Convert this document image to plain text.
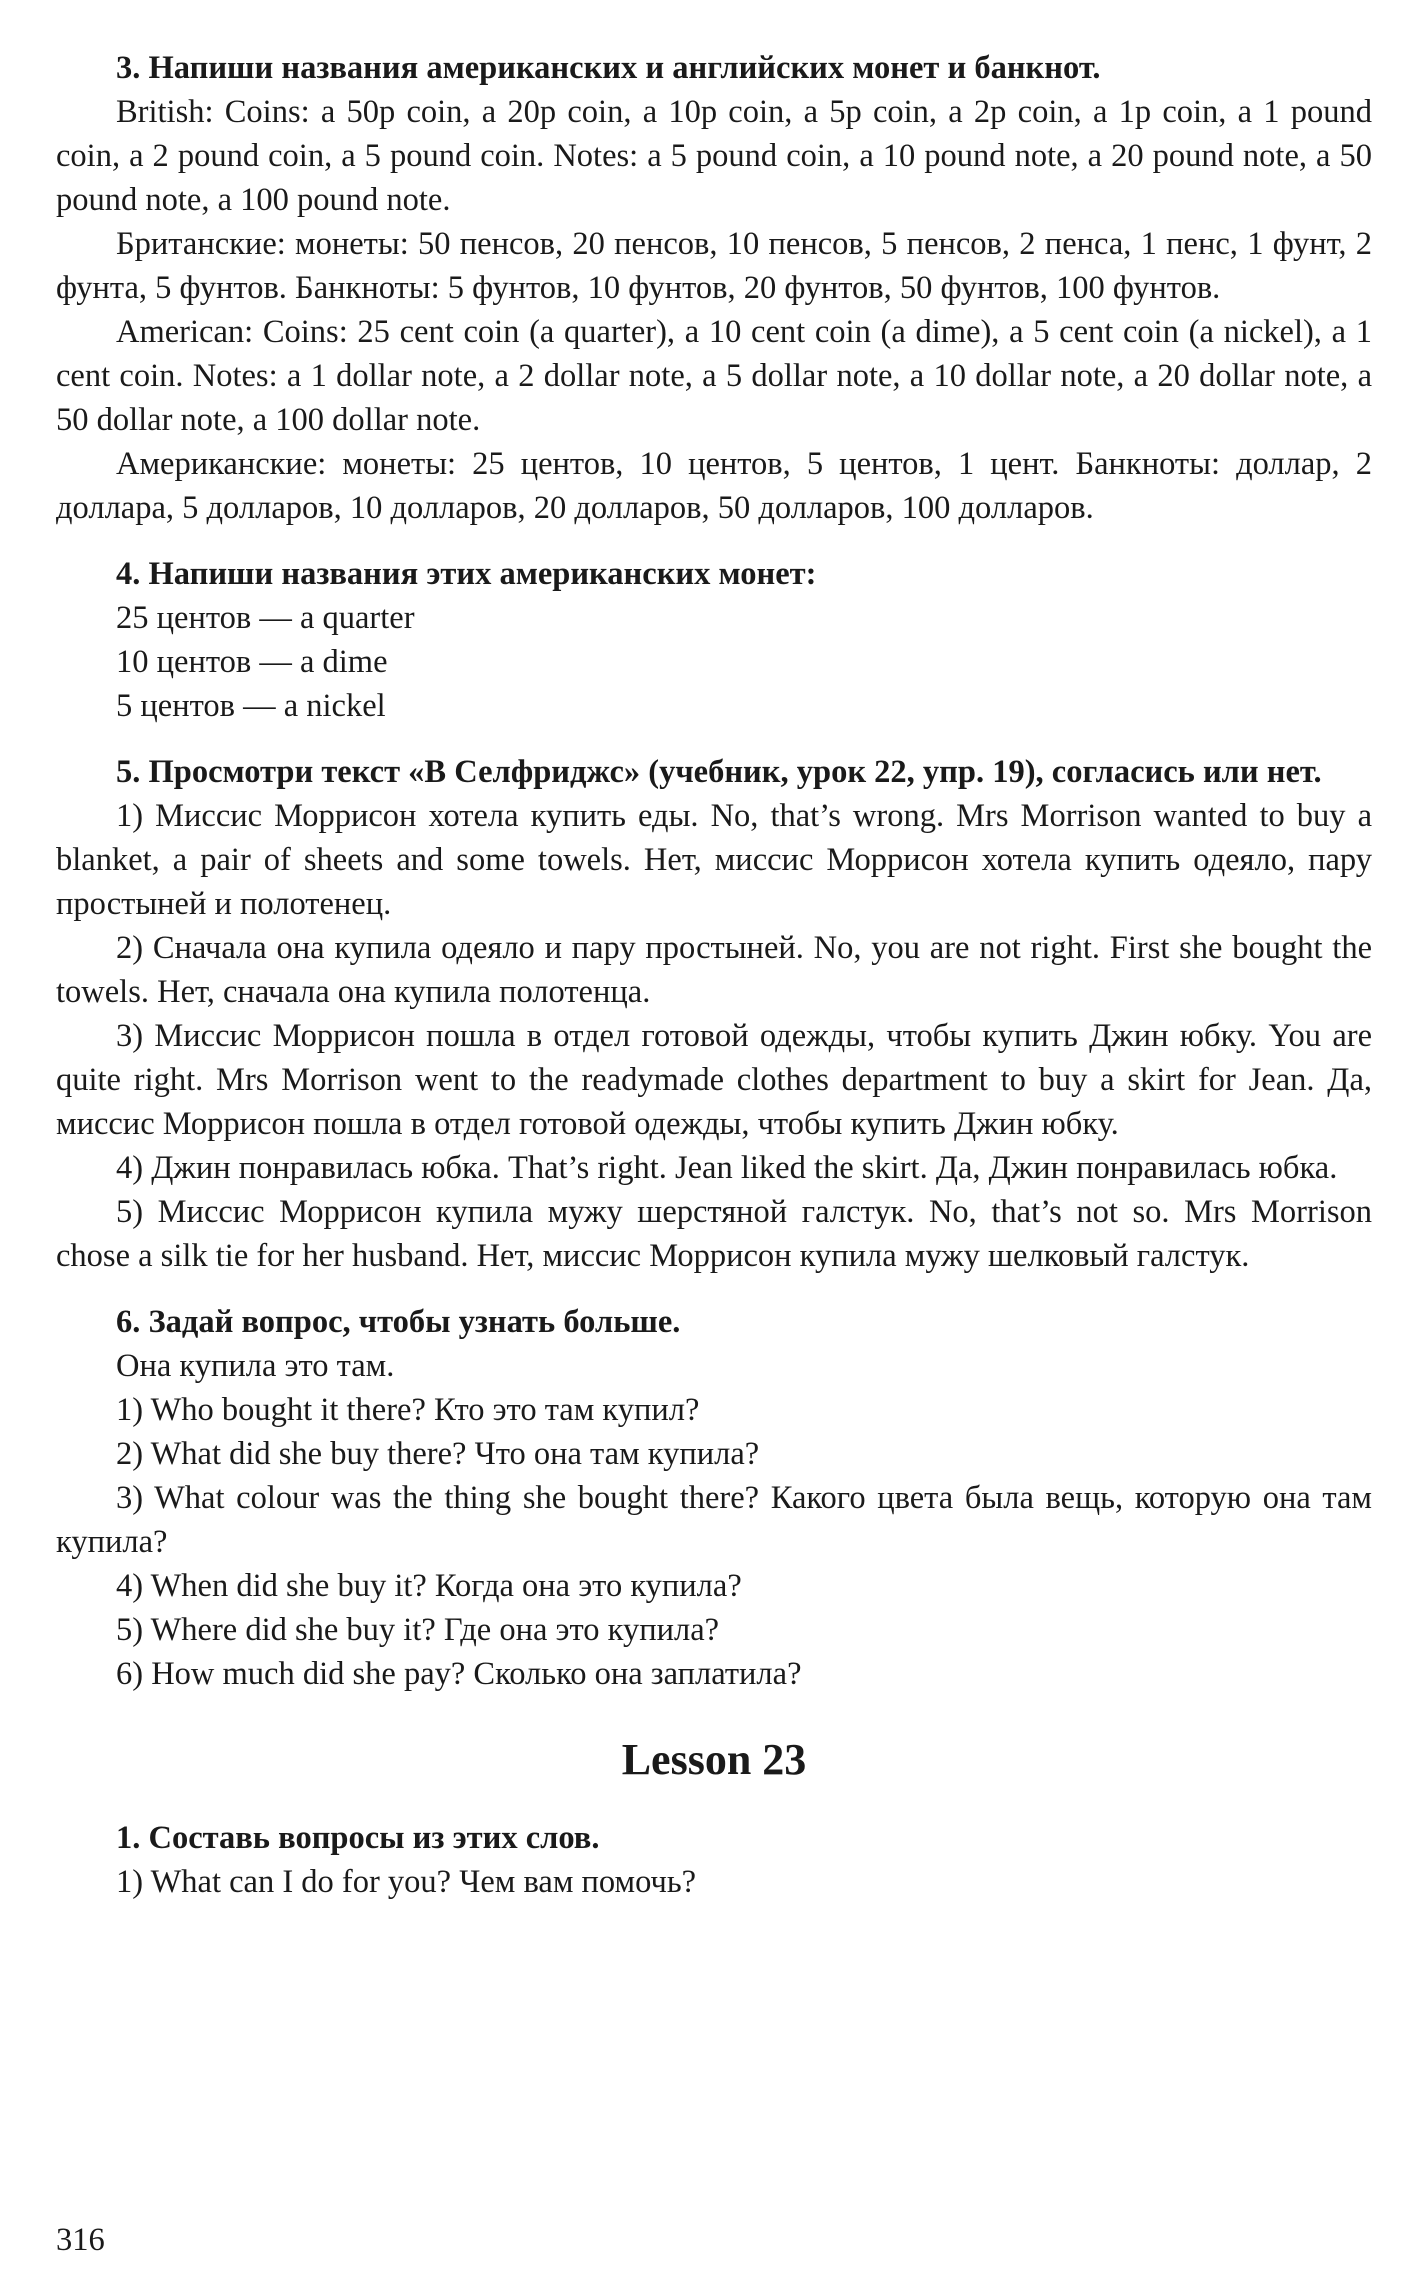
3. Напиши названия американских и английских монет и банкнот.

British: Coins: a 50p coin, a 20p coin, a 10p coin, a 5p coin, a 2p coin, a 1p coin, a 1 pound coin, a 2 pound coin, a 5 pound coin. Notes: a 5 pound coin, a 10 pound note, a 20 pound note, a 50 pound note, a 100 pound note.

Британские: монеты: 50 пенсов, 20 пенсов, 10 пенсов, 5 пенсов, 2 пенса, 1 пенс, 1 фунт, 2 фунта, 5 фунтов. Банкноты: 5 фунтов, 10 фунтов, 20 фунтов, 50 фунтов, 100 фунтов.

American: Coins: 25 cent coin (a quarter), a 10 cent coin (a dime), a 5 cent coin (a nickel), a 1 cent coin. Notes: a 1 dollar note, a 2 dollar note, a 5 dollar note, a 10 dollar note, a 20 dollar note, a 50 dollar note, a 100 dollar note.

Американские: монеты: 25 центов, 10 центов, 5 центов, 1 цент. Банкноты: доллар, 2 доллара, 5 долларов, 10 долларов, 20 долларов, 50 долларов, 100 долларов.

4. Напиши названия этих американских монет:

25 центов — a quarter

10 центов — a dime

5 центов — a nickel

5. Просмотри текст «В Селфриджс» (учебник, урок 22, упр. 19), согласись или нет.

1) Миссис Моррисон хотела купить еды. No, that’s wrong. Mrs Morrison wanted to buy a blanket, a pair of sheets and some towels. Нет, миссис Моррисон хотела купить одеяло, пару простыней и полотенец.

2) Сначала она купила одеяло и пару простыней. No, you are not right. First she bought the towels. Нет, сначала она купила полотенца.

3) Миссис Моррисон пошла в отдел готовой одежды, чтобы купить Джин юбку. You are quite right. Mrs Morrison went to the readymade clothes department to buy a skirt for Jean. Да, миссис Моррисон пошла в отдел готовой одежды, чтобы купить Джин юбку.

4) Джин понравилась юбка. That’s right. Jean liked the skirt. Да, Джин понравилась юбка.

5) Миссис Моррисон купила мужу шерстяной галстук. No, that’s not so. Mrs Morrison chose a silk tie for her husband. Нет, миссис Моррисон купила мужу шелковый галстук.

6. Задай вопрос, чтобы узнать больше.

Она купила это там.

1) Who bought it there? Кто это там купил?

2) What did she buy there? Что она там купила?

3) What colour was the thing she bought there? Какого цвета была вещь, которую она там купила?

4) When did she buy it? Когда она это купила?

5) Where did she buy it? Где она это купила?

6) How much did she pay? Сколько она заплатила?

Lesson 23

1. Составь вопросы из этих слов.

1) What can I do for you? Чем вам помочь?

316
